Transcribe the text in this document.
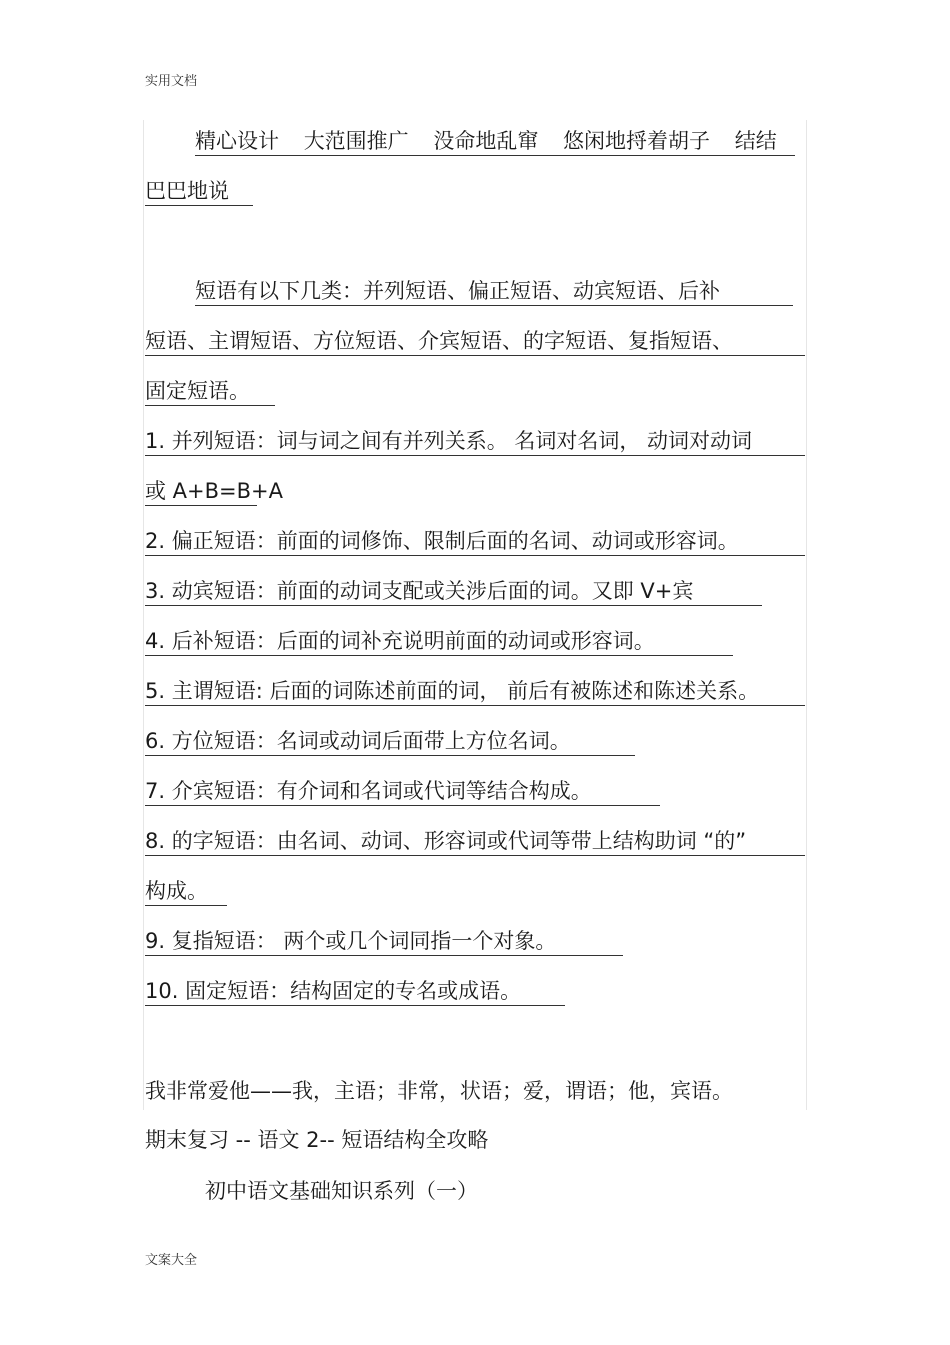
实用文档
精心设计 大范围推广 没命地乱窜 悠闲地捋着胡子 结结
巴巴地说
短语有以下几类：并列短语、偏正短语、动宾短语、后补
短语、主谓短语、方位短语、介宾短语、的字短语、复指短语、
固定短语。
1. 并列短语：词与词之间有并列关系。 名词对名词， 动词对动词
或 A+B=B+A
2. 偏正短语：前面的词修饰、限制后面的名词、动词或形容词。
3. 动宾短语：前面的动词支配或关涉后面的词。又即 V+宾
4. 后补短语：后面的词补充说明前面的动词或形容词。
5. 主谓短语: 后面的词陈述前面的词， 前后有被陈述和陈述关系。
6. 方位短语：名词或动词后面带上方位名词。
7. 介宾短语：有介词和名词或代词等结合构成。
8. 的字短语：由名词、动词、形容词或代词等带上结构助词 “的”
构成。
9. 复指短语： 两个或几个词同指一个对象。
10. 固定短语：结构固定的专名或成语。
我非常爱他——我，主语；非常，状语；爱，谓语；他，宾语。
期末复习 -- 语文 2-- 短语结构全攻略
初中语文基础知识系列（一）
文案大全
